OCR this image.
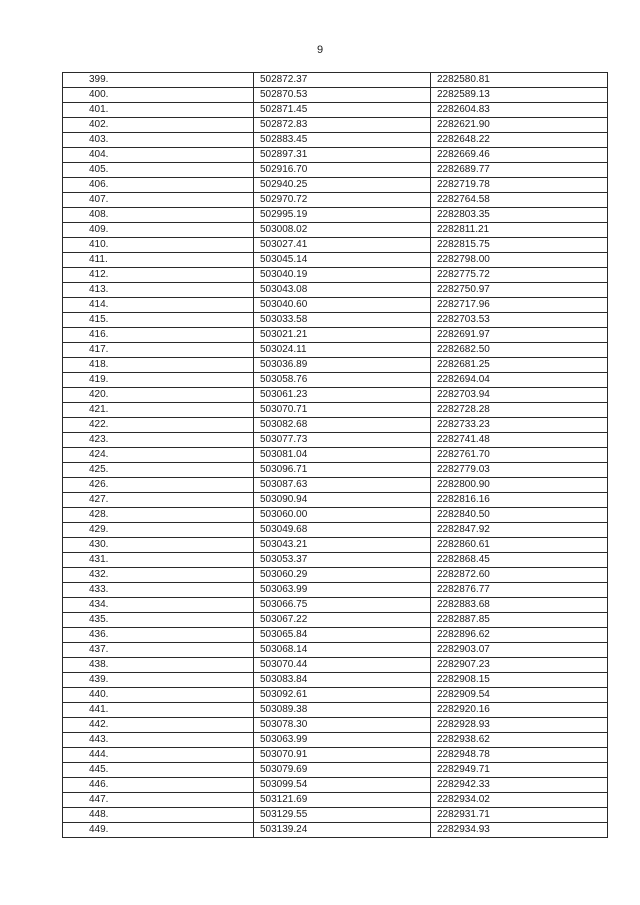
9
399.	502872.37	2282580.81
400.	502870.53	2282589.13
401.	502871.45	2282604.83
402.	502872.83	2282621.90
403.	502883.45	2282648.22
404.	502897.31	2282669.46
405.	502916.70	2282689.77
406.	502940.25	2282719.78
407.	502970.72	2282764.58
408.	502995.19	2282803.35
409.	503008.02	2282811.21
410.	503027.41	2282815.75
411.	503045.14	2282798.00
412.	503040.19	2282775.72
413.	503043.08	2282750.97
414.	503040.60	2282717.96
415.	503033.58	2282703.53
416.	503021.21	2282691.97
417.	503024.11	2282682.50
418.	503036.89	2282681.25
419.	503058.76	2282694.04
420.	503061.23	2282703.94
421.	503070.71	2282728.28
422.	503082.68	2282733.23
423.	503077.73	2282741.48
424.	503081.04	2282761.70
425.	503096.71	2282779.03
426.	503087.63	2282800.90
427.	503090.94	2282816.16
428.	503060.00	2282840.50
429.	503049.68	2282847.92
430.	503043.21	2282860.61
431.	503053.37	2282868.45
432.	503060.29	2282872.60
433.	503063.99	2282876.77
434.	503066.75	2282883.68
435.	503067.22	2282887.85
436.	503065.84	2282896.62
437.	503068.14	2282903.07
438.	503070.44	2282907.23
439.	503083.84	2282908.15
440.	503092.61	2282909.54
441.	503089.38	2282920.16
442.	503078.30	2282928.93
443.	503063.99	2282938.62
444.	503070.91	2282948.78
445.	503079.69	2282949.71
446.	503099.54	2282942.33
447.	503121.69	2282934.02
448.	503129.55	2282931.71
449.	503139.24	2282934.93
